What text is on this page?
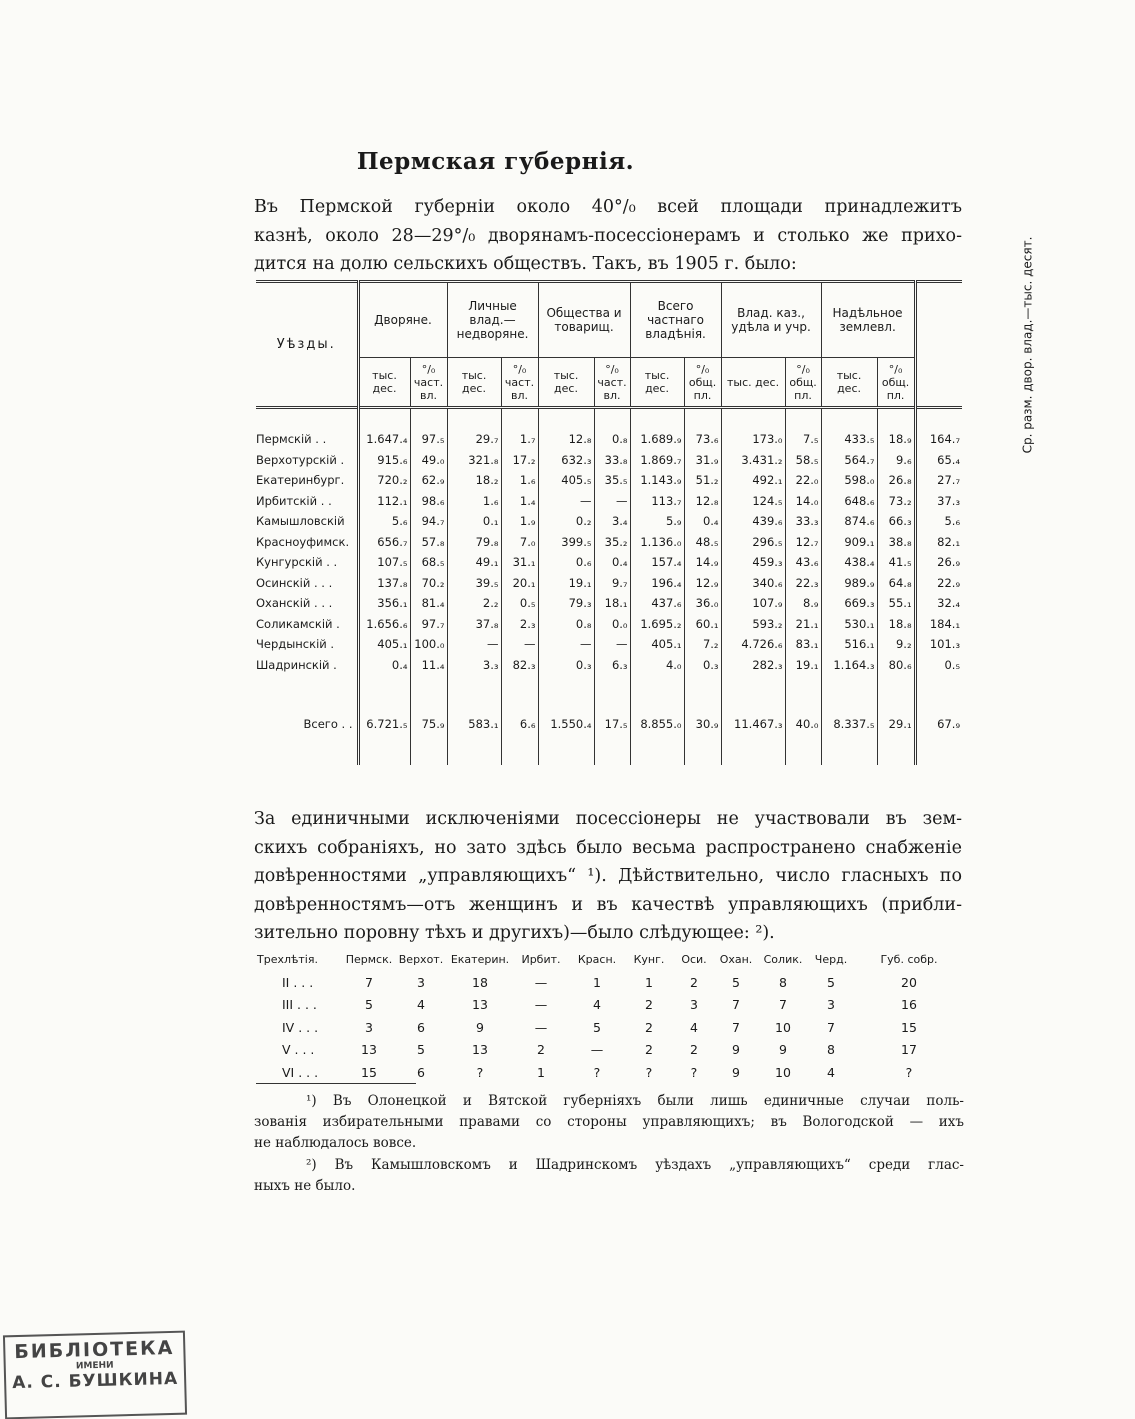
Пермская губернія.
Въ Пермской губерніи около 40°/₀ всей площади принадлежитъ
казнѣ, около 28—29°/₀ дворянамъ-посессіонерамъ и столько же прихо-
дится на долю сельскихъ обществъ. Такъ, въ 1905 г. было:
Уѣзды.	Дворяне.		Личные влад.— недворяне.		Общества и товарищ.		Всего частнаго владѣнія.		Влад. каз., удѣла и учр.		Надѣльное землевл.		Ср. разм. двор. влад.—тыс. десят.
	тыс. дес.	°/₀ част. вл.	тыс. дес.	°/₀ част. вл.	тыс. дес.	°/₀ част. вл.	тыс. дес.	°/₀ общ. пл.	тыс. дес.	°/₀ общ. пл.	тыс. дес.	°/₀ общ. пл.	

Пермскій . .	1.647.₄	97.₅	29.₇	1.₇	12.₈	0.₈	1.689.₉	73.₆	173.₀	7.₅	433.₅	18.₉	164.₇
Верхотурскій .	915.₆	49.₀	321.₈	17.₂	632.₃	33.₈	1.869.₇	31.₉	3.431.₂	58.₅	564.₇	9.₆	65.₄
Екатеринбург.	720.₂	62.₉	18.₂	1.₆	405.₅	35.₅	1.143.₉	51.₂	492.₁	22.₀	598.₀	26.₈	27.₇
Ирбитскій . .	112.₁	98.₆	1.₆	1.₄	—	—	113.₇	12.₈	124.₅	14.₀	648.₆	73.₂	37.₃
Камышловскій	5.₆	94.₇	0.₁	1.₉	0.₂	3.₄	5.₉	0.₄	439.₆	33.₃	874.₆	66.₃	5.₆
Красноуфимск.	656.₇	57.₈	79.₈	7.₀	399.₅	35.₂	1.136.₀	48.₅	296.₅	12.₇	909.₁	38.₈	82.₁
Кунгурскій . .	107.₅	68.₅	49.₁	31.₁	0.₆	0.₄	157.₄	14.₉	459.₃	43.₆	438.₄	41.₅	26.₉
Осинскій . . .	137.₈	70.₂	39.₅	20.₁	19.₁	9.₇	196.₄	12.₉	340.₆	22.₃	989.₉	64.₈	22.₉
Оханскій . . .	356.₁	81.₄	2.₂	0.₅	79.₃	18.₁	437.₆	36.₀	107.₉	8.₉	669.₃	55.₁	32.₄
Соликамскій .	1.656.₆	97.₇	37.₈	2.₃	0.₈	0.₀	1.695.₂	60.₁	593.₂	21.₁	530.₁	18.₈	184.₁
Чердынскій .	405.₁	100.₀	—	—	—	—	405.₁	7.₂	4.726.₆	83.₁	516.₁	9.₂	101.₃
Шадринскій .	0.₄	11.₄	3.₃	82.₃	0.₃	6.₃	4.₀	0.₃	282.₃	19.₁	1.164.₃	80.₆	0.₅

Всего . .	6.721.₅	75.₉	583.₁	6.₆	1.550.₄	17.₅	8.855.₀	30.₉	11.467.₃	40.₀	8.337.₅	29.₁	67.₉

За единичными исключеніями посессіонеры не участвовали въ зем-
скихъ собраніяхъ, но зато здѣсь было весьма распространено снабженіе
довѣренностями „управляющихъ“ ¹). Дѣйствительно, число гласныхъ по
довѣренностямъ—отъ женщинъ и въ качествѣ управляющихъ (прибли-
зительно поровну тѣхъ и другихъ)—было слѣдующее: ²).
Трехлѣтія.	Пермск.	Верхот.	Екатерин.	Ирбит.	Красн.	Кунг.	Оси.	Охан.	Солик.	Черд.	Губ. собр.
II . . .	7	3	18	—	1	1	2	5	8	5	20
III . . .	5	4	13	—	4	2	3	7	7	3	16
IV . . .	3	6	9	—	5	2	4	7	10	7	15
V . . .	13	5	13	2	—	2	2	9	9	8	17
VI . . .	15	6	?	1	?	?	?	9	10	4	?
¹) Въ Олонецкой и Вятской губерніяхъ были лишь единичные случаи поль-
зованія избирательными правами со стороны управляющихъ; въ Вологодской — ихъ
не наблюдалось вовсе.
²) Въ Камышловскомъ и Шадринскомъ уѣздахъ „управляющихъ“ среди глас-
ныхъ не было.
БИБЛІОТЕКА
ИМЕНИ
А. С. БУШКИНА
